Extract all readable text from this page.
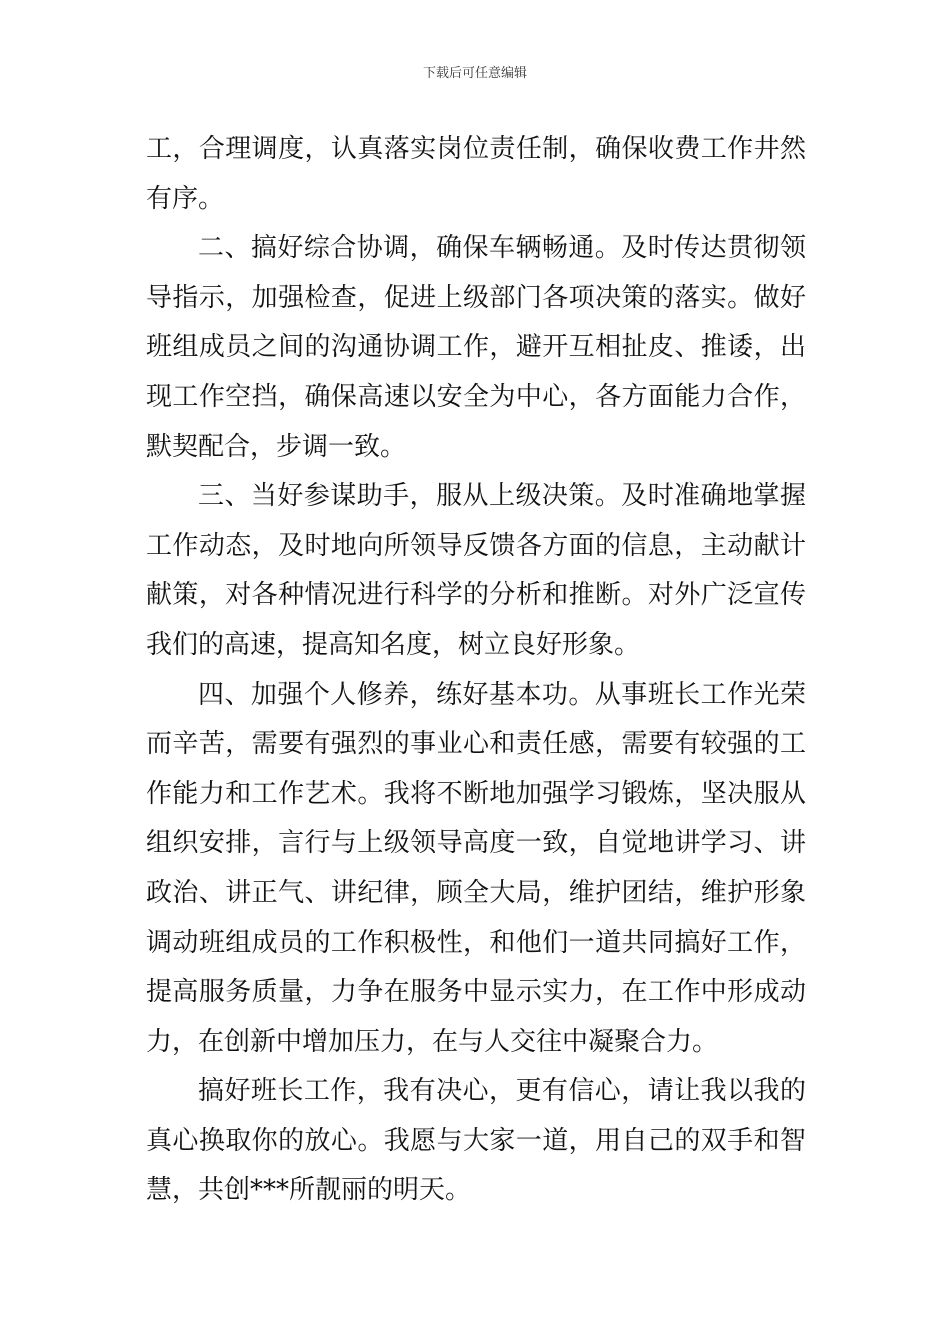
下载后可任意编辑

工，合理调度，认真落实岗位责任制，确保收费工作井然有序。

二、搞好综合协调，确保车辆畅通。及时传达贯彻领导指示，加强检查，促进上级部门各项决策的落实。做好班组成员之间的沟通协调工作，避开互相扯皮、推诿，出现工作空挡，确保高速以安全为中心，各方面能力合作，默契配合，步调一致。

三、当好参谋助手，服从上级决策。及时准确地掌握工作动态，及时地向所领导反馈各方面的信息，主动献计献策，对各种情况进行科学的分析和推断。对外广泛宣传我们的高速，提高知名度，树立良好形象。

四、加强个人修养，练好基本功。从事班长工作光荣而辛苦，需要有强烈的事业心和责任感，需要有较强的工作能力和工作艺术。我将不断地加强学习锻炼，坚决服从组织安排，言行与上级领导高度一致，自觉地讲学习、讲政治、讲正气、讲纪律，顾全大局，维护团结，维护形象调动班组成员的工作积极性，和他们一道共同搞好工作，提高服务质量，力争在服务中显示实力，在工作中形成动力，在创新中增加压力，在与人交往中凝聚合力。

搞好班长工作，我有决心，更有信心，请让我以我的真心换取你的放心。我愿与大家一道，用自己的双手和智慧，共创***所靓丽的明天。
